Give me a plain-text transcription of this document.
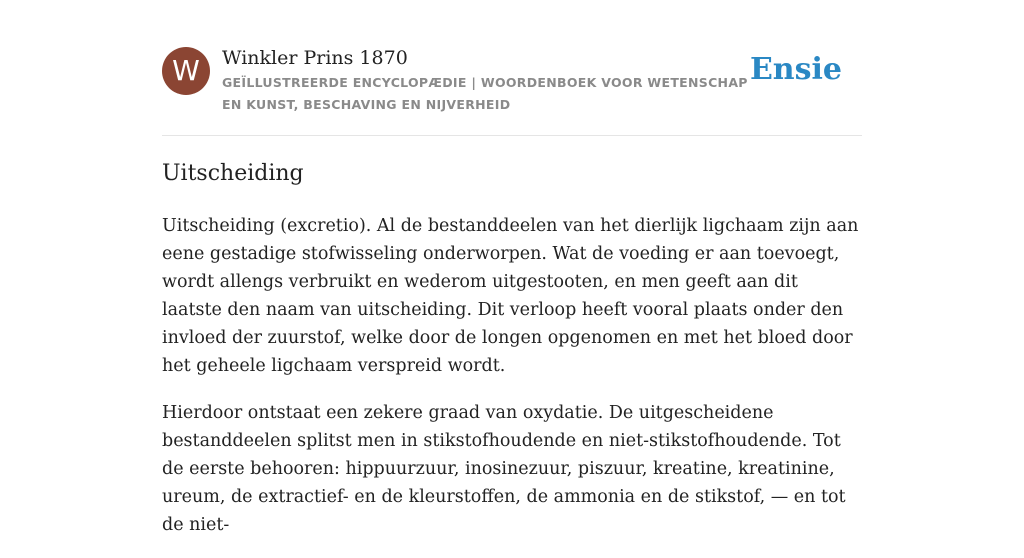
W	Winkler Prins 1870
GEÏLLUSTREERDE ENCYCLOPÆDIE | WOORDENBOEK VOOR WETENSCHAP EN KUNST, BESCHAVING EN NIJVERHEID
Ensie
Uitscheiding

Uitscheiding (excretio). Al de bestanddeelen van het dierlijk ligchaam zijn aan eene gestadige stofwisseling onderworpen. Wat de voeding er aan toevoegt, wordt allengs verbruikt en wederom uitgestooten, en men geeft aan dit laatste den naam van uitscheiding. Dit verloop heeft vooral plaats onder den invloed der zuurstof, welke door de longen opgenomen en met het bloed door het geheele ligchaam verspreid wordt.

Hierdoor ontstaat een zekere graad van oxydatie. De uitgescheidene bestanddeelen splitst men in stikstofhoudende en niet-stikstofhoudende. Tot de eerste behooren: hippuurzuur, inosinezuur, piszuur, kreatine, kreatinine, ureum, de extractief- en de kleurstoffen, de ammonia en de stikstof, — en tot de niet-
